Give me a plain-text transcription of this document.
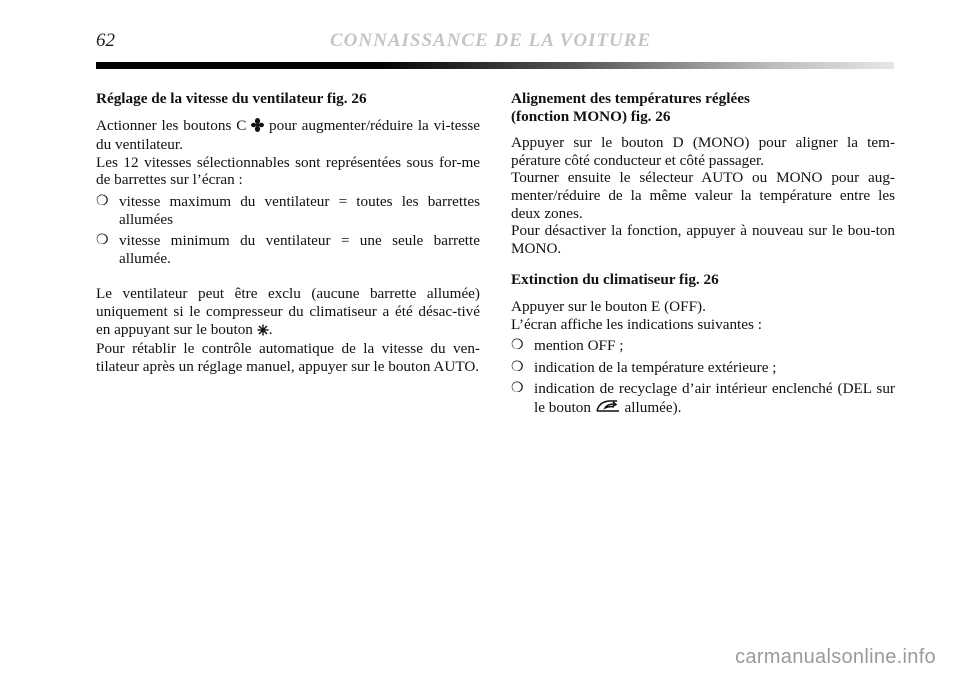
62	CONNAISSANCE DE LA VOITURE
Réglage de la vitesse du ventilateur fig. 26

Actionner les boutons C pour augmenter/réduire la vi-tesse du ventilateur.

Les 12 vitesses sélectionnables sont représentées sous for-me de barrettes sur l’écran :

❍ vitesse maximum du ventilateur = toutes les barrettes allumées
❍ vitesse minimum du ventilateur = une seule barrette allumée.

Le ventilateur peut être exclu (aucune barrette allumée) uniquement si le compresseur du climatiseur a été désac-tivé en appuyant sur le bouton .

Pour rétablir le contrôle automatique de la vitesse du ven-tilateur après un réglage manuel, appuyer sur le bouton AUTO.

Alignement des températures réglées
(fonction MONO) fig. 26

Appuyer sur le bouton D (MONO) pour aligner la tem-pérature côté conducteur et côté passager.

Tourner ensuite le sélecteur AUTO ou MONO pour aug-menter/réduire de la même valeur la température entre les deux zones.

Pour désactiver la fonction, appuyer à nouveau sur le bou-ton MONO.

Extinction du climatiseur fig. 26

Appuyer sur le bouton E (OFF).

L’écran affiche les indications suivantes :

❍ mention OFF ;
❍ indication de la température extérieure ;
❍ indication de recyclage d’air intérieur enclenché (DEL sur le bouton allumée).
carmanualsonline.info
